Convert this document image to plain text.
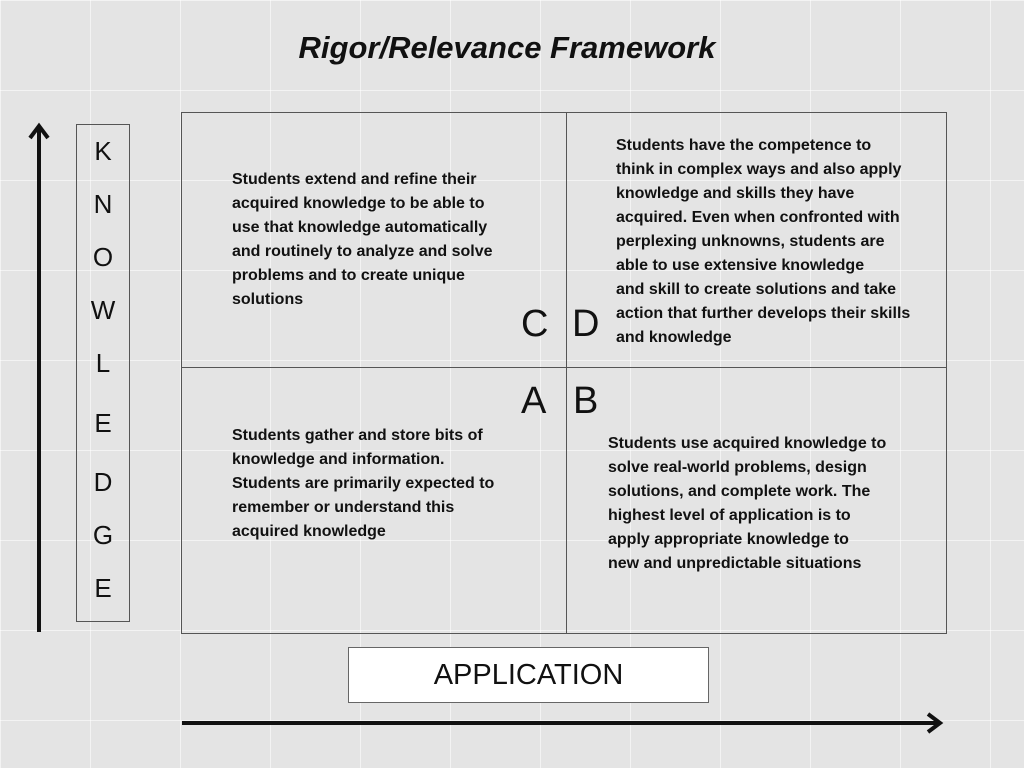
Rigor/Relevance Framework
K
N
O
W
L
E
D
G
E
Students extend and refine their
acquired knowledge to be able to
use that knowledge automatically
and routinely to analyze and solve
problems and to create unique
solutions
Students have the competence to
think in complex ways and also apply
knowledge and skills they have
acquired. Even when confronted with
perplexing unknowns, students are
able to use extensive knowledge
and skill to create solutions and take
action that further develops their skills
and knowledge
Students gather and store bits of
knowledge and information.
Students are primarily expected to
remember or understand this
acquired knowledge
Students use acquired knowledge to
solve real-world problems, design
solutions, and complete work. The
highest level of application is to
apply appropriate knowledge to
new and unpredictable situations
C D
A B
APPLICATION
